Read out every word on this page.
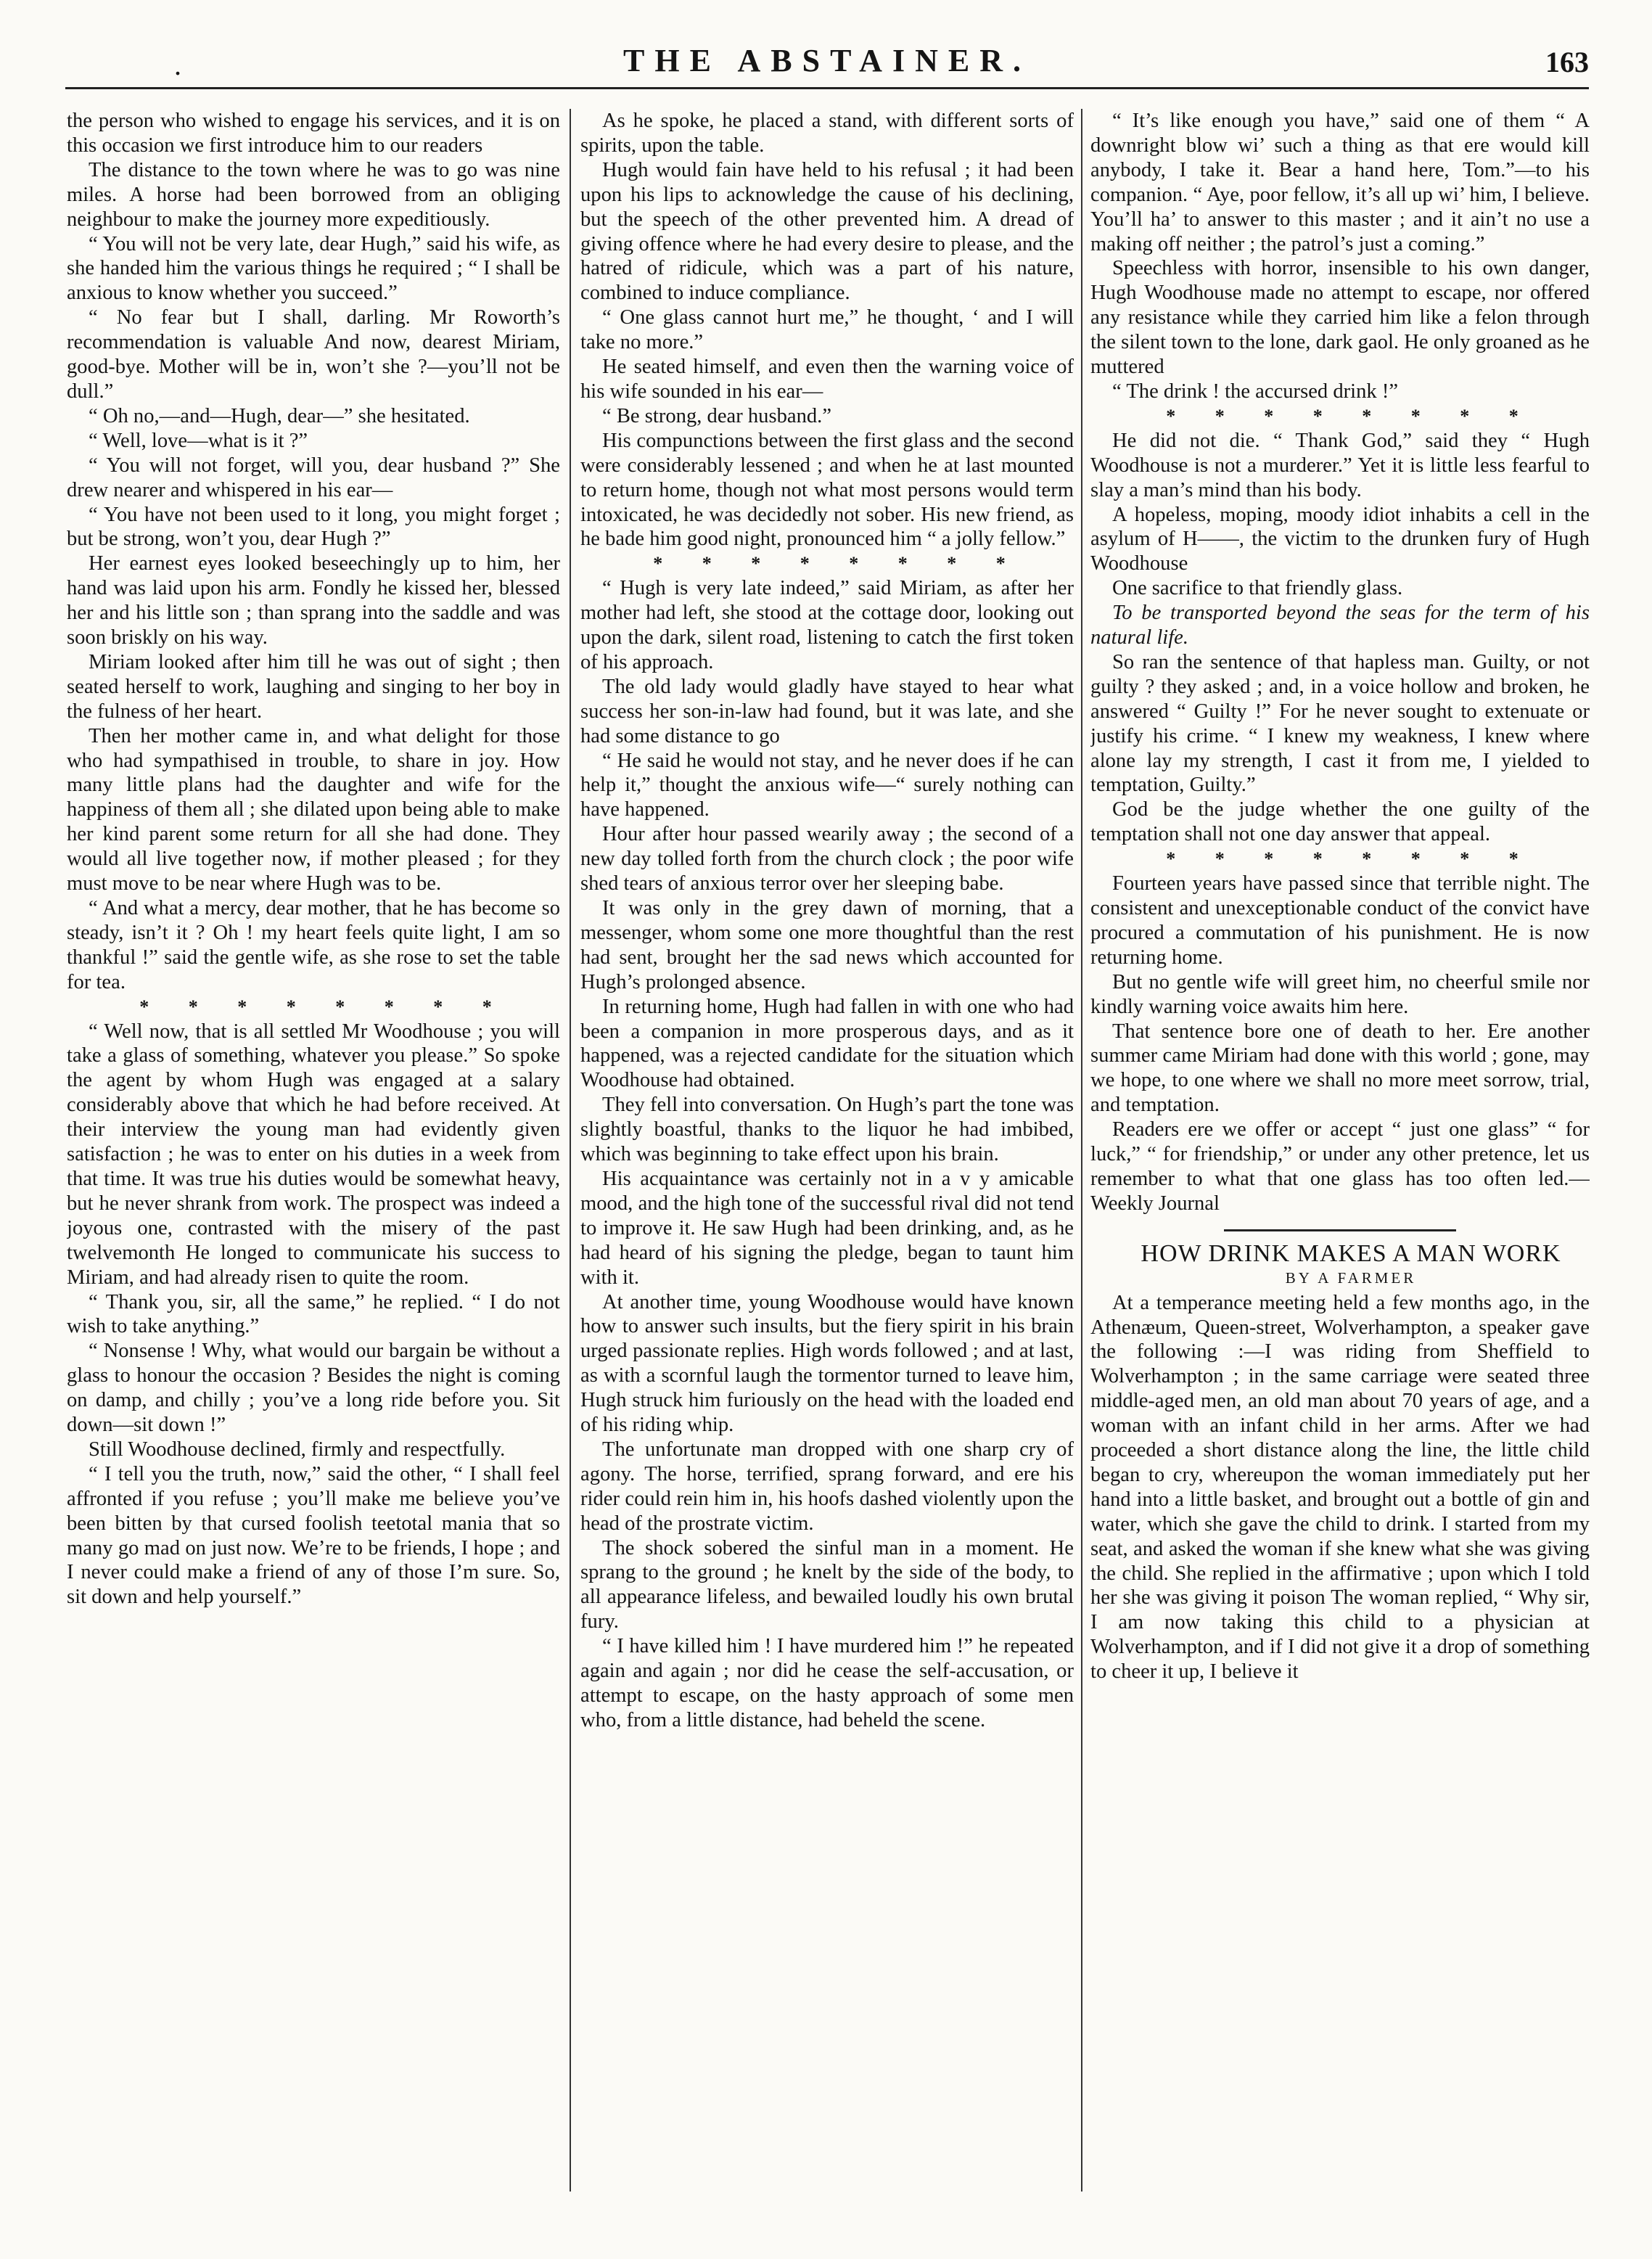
.	THE ABSTAINER.	163

the person who wished to engage his services, and it is on this occasion we first introduce him to our readers

The distance to the town where he was to go was nine miles. A horse had been borrowed from an obliging neighbour to make the journey more expeditiously.

“ You will not be very late, dear Hugh,” said his wife, as she handed him the various things he required ; “ I shall be anxious to know whether you succeed.”

“ No fear but I shall, darling. Mr Roworth’s recommendation is valuable And now, dearest Miriam, good-bye. Mother will be in, won’t she ?—you’ll not be dull.”

“ Oh no,—and—Hugh, dear—” she hesitated.

“ Well, love—what is it ?”

“ You will not forget, will you, dear husband ?” She drew nearer and whispered in his ear—

“ You have not been used to it long, you might forget ; but be strong, won’t you, dear Hugh ?”

Her earnest eyes looked beseechingly up to him, her hand was laid upon his arm. Fondly he kissed her, blessed her and his little son ; than sprang into the saddle and was soon briskly on his way.

Miriam looked after him till he was out of sight ; then seated herself to work, laughing and singing to her boy in the fulness of her heart.

Then her mother came in, and what delight for those who had sympathised in trouble, to share in joy. How many little plans had the daughter and wife for the happiness of them all ; she dilated upon being able to make her kind parent some return for all she had done. They would all live together now, if mother pleased ; for they must move to be near where Hugh was to be.

“ And what a mercy, dear mother, that he has become so steady, isn’t it ? Oh ! my heart feels quite light, I am so thankful !” said the gentle wife, as she rose to set the table for tea.

* * * * * * * *

“ Well now, that is all settled Mr Woodhouse ; you will take a glass of something, whatever you please.” So spoke the agent by whom Hugh was engaged at a salary considerably above that which he had before received. At their interview the young man had evidently given satisfaction ; he was to enter on his duties in a week from that time. It was true his duties would be somewhat heavy, but he never shrank from work. The prospect was indeed a joyous one, contrasted with the misery of the past twelvemonth He longed to communicate his success to Miriam, and had already risen to quite the room.

“ Thank you, sir, all the same,” he replied. “ I do not wish to take anything.”

“ Nonsense ! Why, what would our bargain be without a glass to honour the occasion ? Besides the night is coming on damp, and chilly ; you’ve a long ride before you. Sit down—sit down !”

Still Woodhouse declined, firmly and respectfully.

“ I tell you the truth, now,” said the other, “ I shall feel affronted if you refuse ; you’ll make me believe you’ve been bitten by that cursed foolish teetotal mania that so many go mad on just now. We’re to be friends, I hope ; and I never could make a friend of any of those I’m sure. So, sit down and help yourself.”

As he spoke, he placed a stand, with different sorts of spirits, upon the table.

Hugh would fain have held to his refusal ; it had been upon his lips to acknowledge the cause of his declining, but the speech of the other prevented him. A dread of giving offence where he had every desire to please, and the hatred of ridicule, which was a part of his nature, combined to induce compliance.

“ One glass cannot hurt me,” he thought, ‘ and I will take no more.”

He seated himself, and even then the warning voice of his wife sounded in his ear—

“ Be strong, dear husband.”

His compunctions between the first glass and the second were considerably lessened ; and when he at last mounted to return home, though not what most persons would term intoxicated, he was decidedly not sober. His new friend, as he bade him good night, pronounced him “ a jolly fellow.”

* * * * * * * *

“ Hugh is very late indeed,” said Miriam, as after her mother had left, she stood at the cottage door, looking out upon the dark, silent road, listening to catch the first token of his approach.

The old lady would gladly have stayed to hear what success her son-in-law had found, but it was late, and she had some distance to go

“ He said he would not stay, and he never does if he can help it,” thought the anxious wife—“ surely nothing can have happened.

Hour after hour passed wearily away ; the second of a new day tolled forth from the church clock ; the poor wife shed tears of anxious terror over her sleeping babe.

It was only in the grey dawn of morning, that a messenger, whom some one more thoughtful than the rest had sent, brought her the sad news which accounted for Hugh’s prolonged absence.

In returning home, Hugh had fallen in with one who had been a companion in more prosperous days, and as it happened, was a rejected candidate for the situation which Woodhouse had obtained.

They fell into conversation. On Hugh’s part the tone was slightly boastful, thanks to the liquor he had imbibed, which was beginning to take effect upon his brain.

His acquaintance was certainly not in a v y amicable mood, and the high tone of the successful rival did not tend to improve it. He saw Hugh had been drinking, and, as he had heard of his signing the pledge, began to taunt him with it.

At another time, young Woodhouse would have known how to answer such insults, but the fiery spirit in his brain urged passionate replies. High words followed ; and at last, as with a scornful laugh the tormentor turned to leave him, Hugh struck him furiously on the head with the loaded end of his riding whip.

The unfortunate man dropped with one sharp cry of agony. The horse, terrified, sprang forward, and ere his rider could rein him in, his hoofs dashed violently upon the head of the prostrate victim.

The shock sobered the sinful man in a moment. He sprang to the ground ; he knelt by the side of the body, to all appearance lifeless, and bewailed loudly his own brutal fury.

“ I have killed him ! I have murdered him !” he repeated again and again ; nor did he cease the self-accusation, or attempt to escape, on the hasty approach of some men who, from a little distance, had beheld the scene.

“ It’s like enough you have,” said one of them “ A downright blow wi’ such a thing as that ere would kill anybody, I take it. Bear a hand here, Tom.”—to his companion. “ Aye, poor fellow, it’s all up wi’ him, I believe. You’ll ha’ to answer to this master ; and it ain’t no use a making off neither ; the patrol’s just a coming.”

Speechless with horror, insensible to his own danger, Hugh Woodhouse made no attempt to escape, nor offered any resistance while they carried him like a felon through the silent town to the lone, dark gaol. He only groaned as he muttered

“ The drink ! the accursed drink !”

* * * * * * * *

He did not die. “ Thank God,” said they “ Hugh Woodhouse is not a murderer.” Yet it is little less fearful to slay a man’s mind than his body.

A hopeless, moping, moody idiot inhabits a cell in the asylum of H——, the victim to the drunken fury of Hugh Woodhouse

One sacrifice to that friendly glass.

To be transported beyond the seas for the term of his natural life.

So ran the sentence of that hapless man. Guilty, or not guilty ? they asked ; and, in a voice hollow and broken, he answered “ Guilty !” For he never sought to extenuate or justify his crime. “ I knew my weakness, I knew where alone lay my strength, I cast it from me, I yielded to temptation, Guilty.”

God be the judge whether the one guilty of the temptation shall not one day answer that appeal.

* * * * * * * *

Fourteen years have passed since that terrible night. The consistent and unexceptionable conduct of the convict have procured a commutation of his punishment. He is now returning home.

But no gentle wife will greet him, no cheerful smile nor kindly warning voice awaits him here.

That sentence bore one of death to her. Ere another summer came Miriam had done with this world ; gone, may we hope, to one where we shall no more meet sorrow, trial, and temptation.

Readers ere we offer or accept “ just one glass” “ for luck,” “ for friendship,” or under any other pretence, let us remember to what that one glass has too often led.—Weekly Journal

HOW DRINK MAKES A MAN WORK

BY A FARMER

At a temperance meeting held a few months ago, in the Athenæum, Queen-street, Wolverhampton, a speaker gave the following :—I was riding from Sheffield to Wolverhampton ; in the same carriage were seated three middle-aged men, an old man about 70 years of age, and a woman with an infant child in her arms. After we had proceeded a short distance along the line, the little child began to cry, whereupon the woman immediately put her hand into a little basket, and brought out a bottle of gin and water, which she gave the child to drink. I started from my seat, and asked the woman if she knew what she was giving the child. She replied in the affirmative ; upon which I told her she was giving it poison The woman replied, “ Why sir, I am now taking this child to a physician at Wolverhampton, and if I did not give it a drop of something to cheer it up, I believe it
